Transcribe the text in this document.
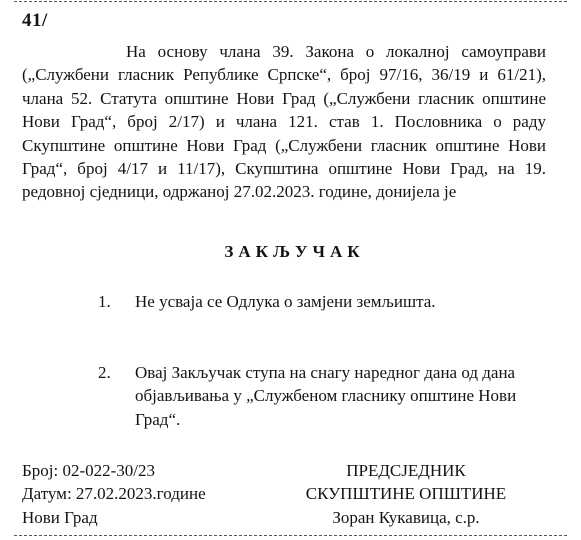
41/
На основу члана 39. Закона о локалној самоуправи („Службени гласник Републике Српске“, број 97/16, 36/19 и 61/21), члана 52. Статута општине Нови Град („Службени гласник општине Нови Град“, број 2/17) и члана 121. став 1. Пословника о раду Скупштине општине Нови Град („Службени гласник општине Нови Град“, број 4/17 и 11/17), Скупштина општине Нови Град, на 19. редовној сједници, одржаној 27.02.2023. године, донијела је
ЗАКЉУЧАК
1. Не усваја се Одлука о замјени земљишта.
2. Овај Закључак ступа на снагу наредног дана од дана објављивања у „Службеном гласнику општине Нови Град“.
Број: 02-022-30/23
Датум: 27.02.2023.године
Нови Град
ПРЕДСЈЕДНИК
СКУПШТИНЕ ОПШТИНЕ
Зоран Кукавица, с.р.
